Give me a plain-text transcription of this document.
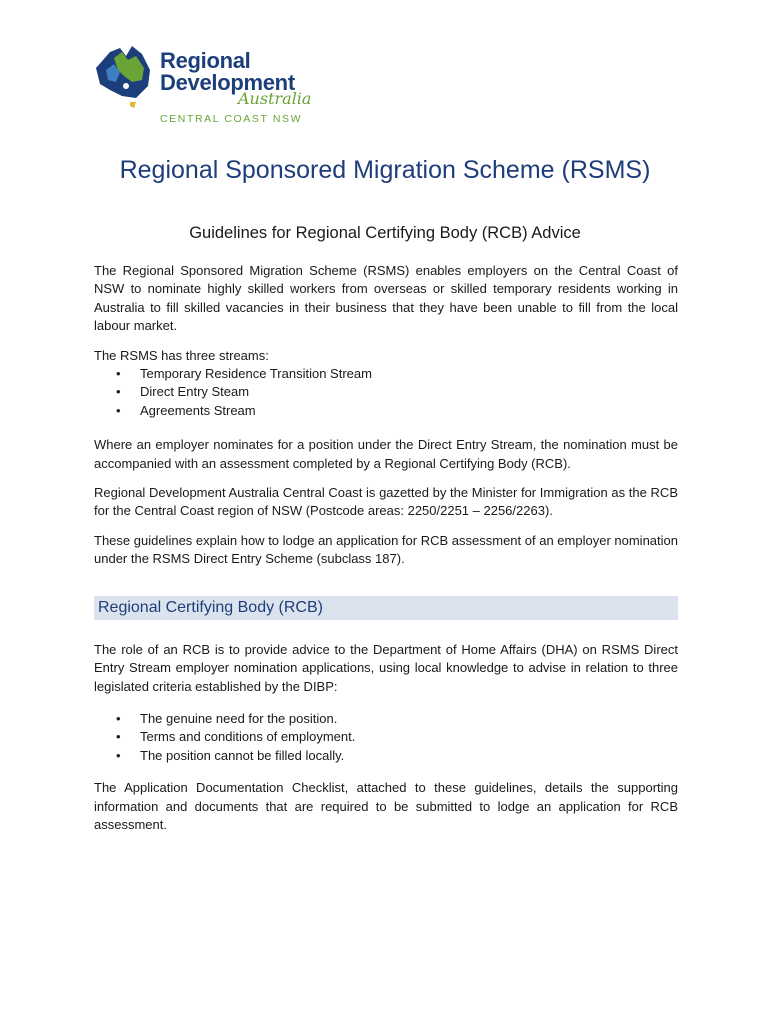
Regional
Development
Australia
CENTRAL COAST NSW
Regional Sponsored Migration Scheme (RSMS)
Guidelines for Regional Certifying Body (RCB) Advice

The Regional Sponsored Migration Scheme (RSMS) enables employers on the Central Coast of NSW to nominate highly skilled workers from overseas or skilled temporary residents working in Australia to fill skilled vacancies in their business that they have been unable to fill from the local labour market.

The RSMS has three streams:

• Temporary Residence Transition Stream
• Direct Entry Steam
• Agreements Stream

Where an employer nominates for a position under the Direct Entry Stream, the nomination must be accompanied with an assessment completed by a Regional Certifying Body (RCB).

Regional Development Australia Central Coast is gazetted by the Minister for Immigration as the RCB for the Central Coast region of NSW (Postcode areas: 2250/2251 – 2256/2263).

These guidelines explain how to lodge an application for RCB assessment of an employer nomination under the RSMS Direct Entry Scheme (subclass 187).

Regional Certifying Body (RCB)

The role of an RCB is to provide advice to the Department of Home Affairs (DHA) on RSMS Direct Entry Stream employer nomination applications, using local knowledge to advise in relation to three legislated criteria established by the DIBP:

• The genuine need for the position.
• Terms and conditions of employment.
• The position cannot be filled locally.

The Application Documentation Checklist, attached to these guidelines, details the supporting information and documents that are required to be submitted to lodge an application for RCB assessment.
